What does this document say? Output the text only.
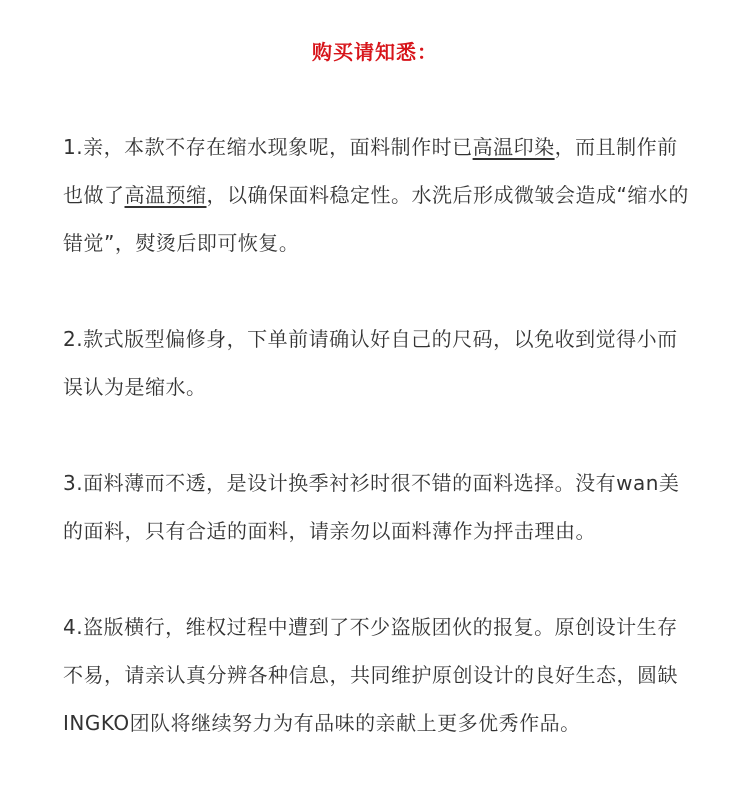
购买请知悉：

1.亲，本款不存在缩水现象呢，面料制作时已高温印染，而且制作前也做了高温预缩，以确保面料稳定性。水洗后形成微皱会造成“缩水的错觉”，熨烫后即可恢复。

2.款式版型偏修身，下单前请确认好自己的尺码，以免收到觉得小而误认为是缩水。

3.面料薄而不透，是设计换季衬衫时很不错的面料选择。没有wan美的面料，只有合适的面料，请亲勿以面料薄作为抨击理由。

4.盗版横行，维权过程中遭到了不少盗版团伙的报复。原创设计生存不易，请亲认真分辨各种信息，共同维护原创设计的良好生态，圆缺INGKO团队将继续努力为有品味的亲献上更多优秀作品。
